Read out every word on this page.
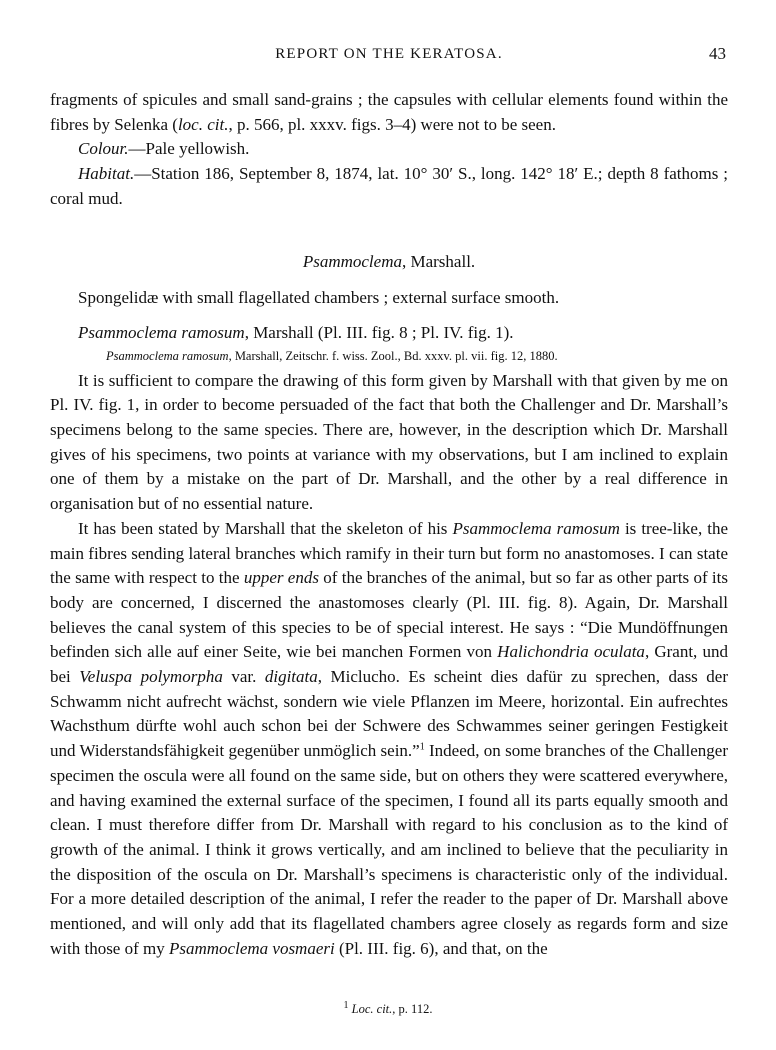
REPORT ON THE KERATOSA.	43

fragments of spicules and small sand-grains ; the capsules with cellular elements found within the fibres by Selenka (loc. cit., p. 566, pl. xxxv. figs. 3–4) were not to be seen.

Colour.—Pale yellowish.

Habitat.—Station 186, September 8, 1874, lat. 10° 30′ S., long. 142° 18′ E.; depth 8 fathoms ; coral mud.

Psammoclema, Marshall.

Spongelidæ with small flagellated chambers ; external surface smooth.

Psammoclema ramosum, Marshall (Pl. III. fig. 8 ; Pl. IV. fig. 1).

Psammoclema ramosum, Marshall, Zeitschr. f. wiss. Zool., Bd. xxxv. pl. vii. fig. 12, 1880.

It is sufficient to compare the drawing of this form given by Marshall with that given by me on Pl. IV. fig. 1, in order to become persuaded of the fact that both the Challenger and Dr. Marshall’s specimens belong to the same species. There are, however, in the description which Dr. Marshall gives of his specimens, two points at variance with my observations, but I am inclined to explain one of them by a mistake on the part of Dr. Marshall, and the other by a real difference in organisation but of no essential nature.

It has been stated by Marshall that the skeleton of his Psammoclema ramosum is tree-like, the main fibres sending lateral branches which ramify in their turn but form no anastomoses. I can state the same with respect to the upper ends of the branches of the animal, but so far as other parts of its body are concerned, I discerned the anastomoses clearly (Pl. III. fig. 8). Again, Dr. Marshall believes the canal system of this species to be of special interest. He says : “Die Mundöffnungen befinden sich alle auf einer Seite, wie bei manchen Formen von Halichondria oculata, Grant, und bei Veluspa polymorpha var. digitata, Miclucho. Es scheint dies dafür zu sprechen, dass der Schwamm nicht aufrecht wächst, sondern wie viele Pflanzen im Meere, horizontal. Ein aufrechtes Wachsthum dürfte wohl auch schon bei der Schwere des Schwammes seiner geringen Festigkeit und Widerstandsfähigkeit gegenüber unmöglich sein.”$^1$ Indeed, on some branches of the Challenger specimen the oscula were all found on the same side, but on others they were scattered everywhere, and having examined the external surface of the specimen, I found all its parts equally smooth and clean. I must therefore differ from Dr. Marshall with regard to his conclusion as to the kind of growth of the animal. I think it grows vertically, and am inclined to believe that the peculiarity in the disposition of the oscula on Dr. Marshall’s specimens is characteristic only of the individual. For a more detailed description of the animal, I refer the reader to the paper of Dr. Marshall above mentioned, and will only add that its flagellated chambers agree closely as regards form and size with those of my Psammoclema vosmaeri (Pl. III. fig. 6), and that, on the

$^1$ Loc. cit., p. 112.
